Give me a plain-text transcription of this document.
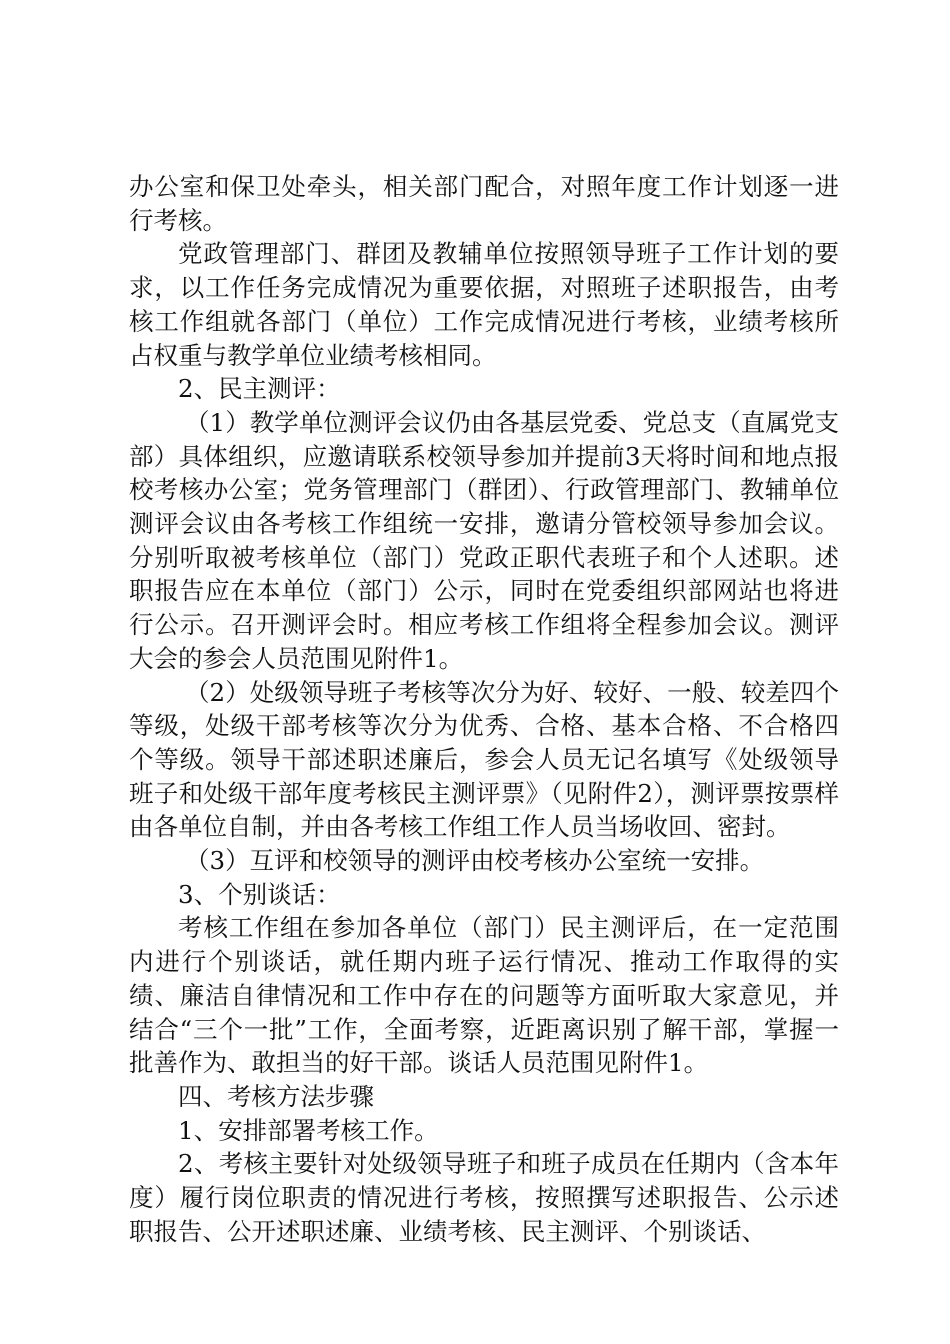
办公室和保卫处牵头，相关部门配合，对照年度工作计划逐一进行考核。

党政管理部门、群团及教辅单位按照领导班子工作计划的要求，以工作任务完成情况为重要依据，对照班子述职报告，由考核工作组就各部门（单位）工作完成情况进行考核，业绩考核所占权重与教学单位业绩考核相同。

2、民主测评：

（1）教学单位测评会议仍由各基层党委、党总支（直属党支部）具体组织，应邀请联系校领导参加并提前3天将时间和地点报校考核办公室；党务管理部门（群团）、行政管理部门、教辅单位测评会议由各考核工作组统一安排，邀请分管校领导参加会议。分别听取被考核单位（部门）党政正职代表班子和个人述职。述职报告应在本单位（部门）公示，同时在党委组织部网站也将进行公示。召开测评会时。相应考核工作组将全程参加会议。测评大会的参会人员范围见附件1。

（2）处级领导班子考核等次分为好、较好、一般、较差四个等级，处级干部考核等次分为优秀、合格、基本合格、不合格四个等级。领导干部述职述廉后，参会人员无记名填写《处级领导班子和处级干部年度考核民主测评票》（见附件2），测评票按票样由各单位自制，并由各考核工作组工作人员当场收回、密封。

（3）互评和校领导的测评由校考核办公室统一安排。

3、个别谈话：

考核工作组在参加各单位（部门）民主测评后，在一定范围内进行个别谈话，就任期内班子运行情况、推动工作取得的实绩、廉洁自律情况和工作中存在的问题等方面听取大家意见，并结合“三个一批”工作，全面考察，近距离识别了解干部，掌握一批善作为、敢担当的好干部。谈话人员范围见附件1。

四、考核方法步骤

1、安排部署考核工作。

2、考核主要针对处级领导班子和班子成员在任期内（含本年度）履行岗位职责的情况进行考核，按照撰写述职报告、公示述职报告、公开述职述廉、业绩考核、民主测评、个别谈话、
